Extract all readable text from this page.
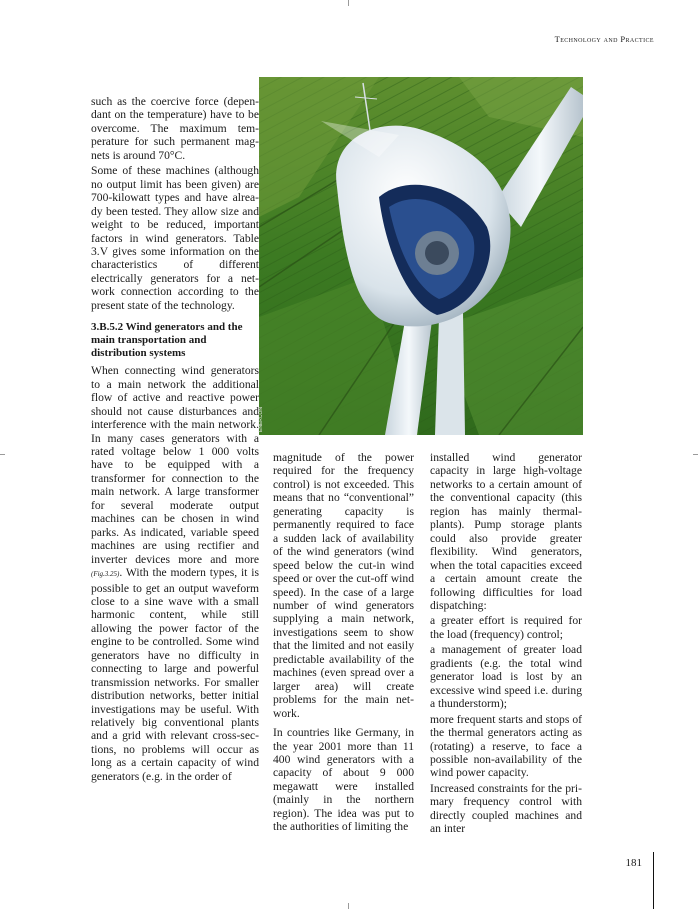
Technology and Practice

such as the coercive force (dependant on the temperature) have to be overcome. The maximum temperature for such permanent magnets is around 70°C.

Some of these machines (although no output limit has been given) are 700-kilowatt types and have already been tested. They allow size and weight to be reduced, important factors in wind generators. Table 3.V gives some information on the characteristics of different electrically generators for a network connection according to the present state of the technology.

3.B.5.2 Wind generators and the main transportation and distribution systems

When connecting wind generators to a main network the additional flow of active and reactive power should not cause disturbances and interference with the main network. In many cases generators with a rated voltage below 1 000 volts have to be equipped with a transformer for connection to the main network. A large transformer for several moderate output machines can be chosen in wind parks. As indicated, variable speed machines are using rectifier and inverter devices more and more (Fig.3.25). With the modern types, it is possible to get an output waveform close to a sine wave with a small harmonic content, while still allowing the power factor of the engine to be controlled. Some wind generators have no difficulty in connecting to large and powerful transmission networks. For smaller distribution networks, better initial investigations may be useful. With relatively big conventional plants and a grid with relevant cross-sections, no problems will occur as long as a certain capacity of wind generators (e.g. in the order of

ENERCON

magnitude of the power required for the frequency control) is not exceeded. This means that no “conventional” generating capacity is permanently required to face a sudden lack of availability of the wind generators (wind speed below the cut-in wind speed or over the cut-off wind speed). In the case of a large number of wind generators supplying a main network, investigations seem to show that the limited and not easily predictable availability of the machines (even spread over a larger area) will create problems for the main network.

In countries like Germany, in the year 2001 more than 11 400 wind generators with a capacity of about 9 000 megawatt were installed (mainly in the northern region). The idea was put to the authorities of limiting the

installed wind generator capacity in large high-voltage networks to a certain amount of the conventional capacity (this region has mainly thermal-plants). Pump storage plants could also provide greater flexibility. Wind generators, when the total capacities exceed a certain amount create the following difficulties for load dispatching:

a greater effort is required for the load (frequency) control;

a management of greater load gradients (e.g. the total wind generator load is lost by an excessive wind speed i.e. during a thunderstorm);

more frequent starts and stops of the thermal generators acting as (rotating) a reserve, to face a possible non-availability of the wind power capacity.

Increased constraints for the primary frequency control with directly coupled machines and an inter

181
